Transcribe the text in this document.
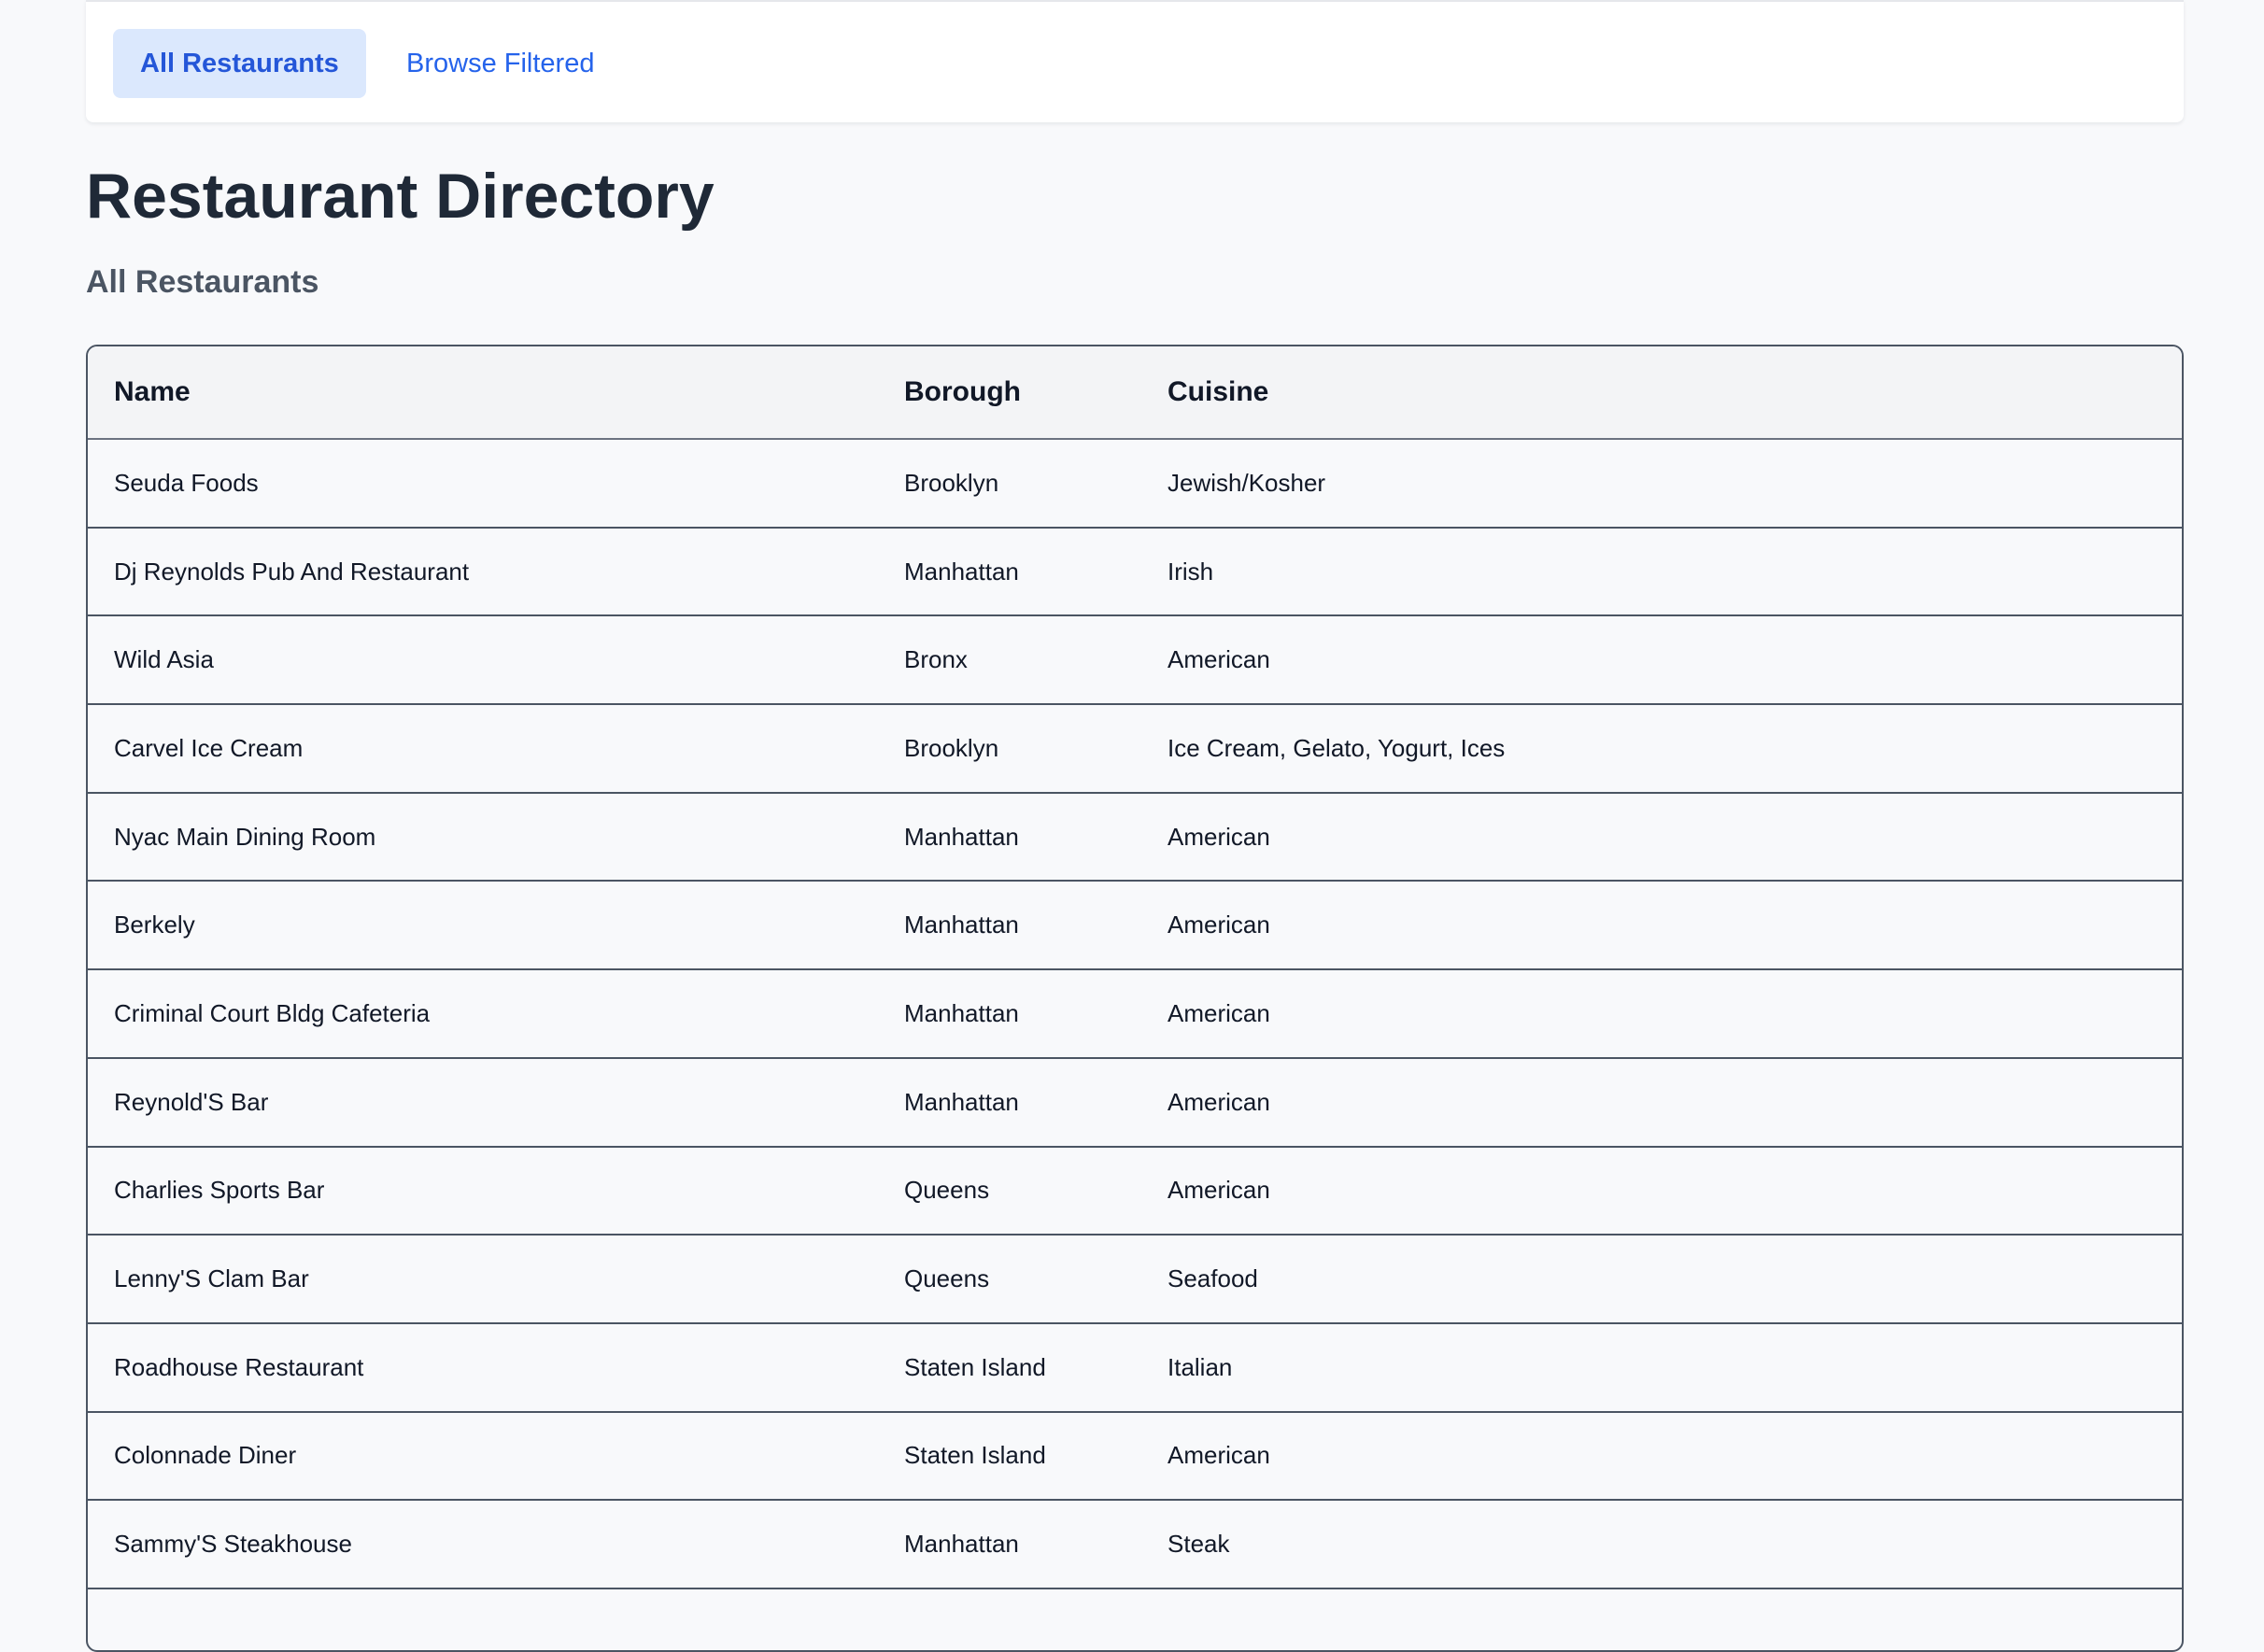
All Restaurants	Browse Filtered
Restaurant Directory
All Restaurants
Name	Borough	Cuisine
Seuda Foods	Brooklyn	Jewish/Kosher
Dj Reynolds Pub And Restaurant	Manhattan	Irish
Wild Asia	Bronx	American
Carvel Ice Cream	Brooklyn	Ice Cream, Gelato, Yogurt, Ices
Nyac Main Dining Room	Manhattan	American
Berkely	Manhattan	American
Criminal Court Bldg Cafeteria	Manhattan	American
Reynold'S Bar	Manhattan	American
Charlies Sports Bar	Queens	American
Lenny'S Clam Bar	Queens	Seafood
Roadhouse Restaurant	Staten Island	Italian
Colonnade Diner	Staten Island	American
Sammy'S Steakhouse	Manhattan	Steak
